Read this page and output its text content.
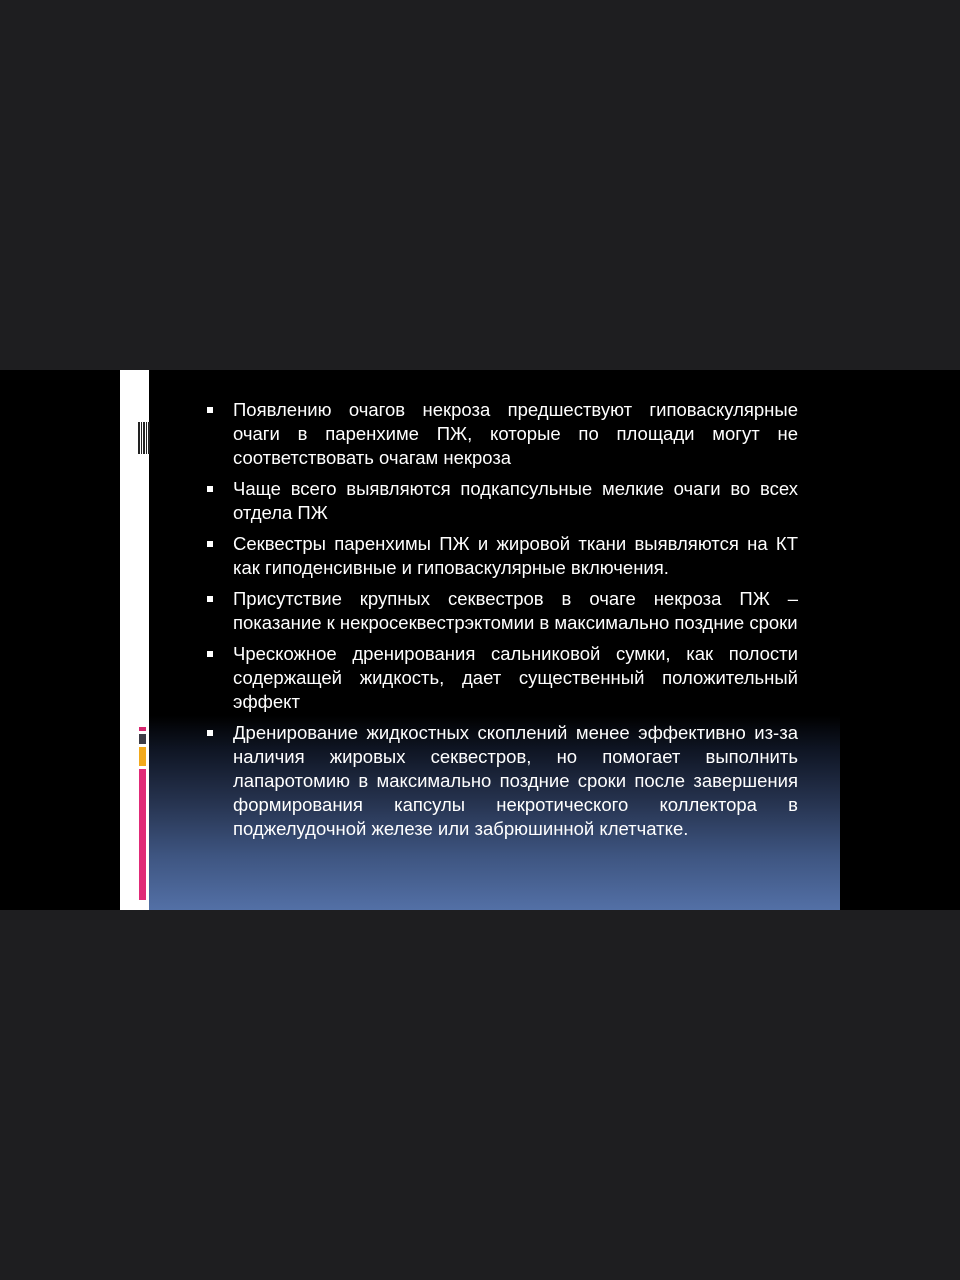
Появлению очагов некроза предшествуют гиповаскулярные очаги в паренхиме ПЖ, которые по площади могут не соответствовать очагам некроза
Чаще всего выявляются подкапсульные мелкие очаги во всех отдела ПЖ
Секвестры паренхимы ПЖ и жировой ткани выявляются на КТ как гиподенсивные и гиповаскулярные включения.
Присутствие крупных секвестров в очаге некроза ПЖ – показание к некросеквестрэктомии в максимально поздние сроки
Чрескожное дренирования сальниковой сумки, как полости содержащей жидкость, дает существенный положительный эффект
Дренирование жидкостных скоплений менее эффективно из-за наличия жировых секвестров, но помогает выполнить лапаротомию в максимально поздние сроки после завершения формирования капсулы некротического коллектора в поджелудочной железе или забрюшинной клетчатке.
